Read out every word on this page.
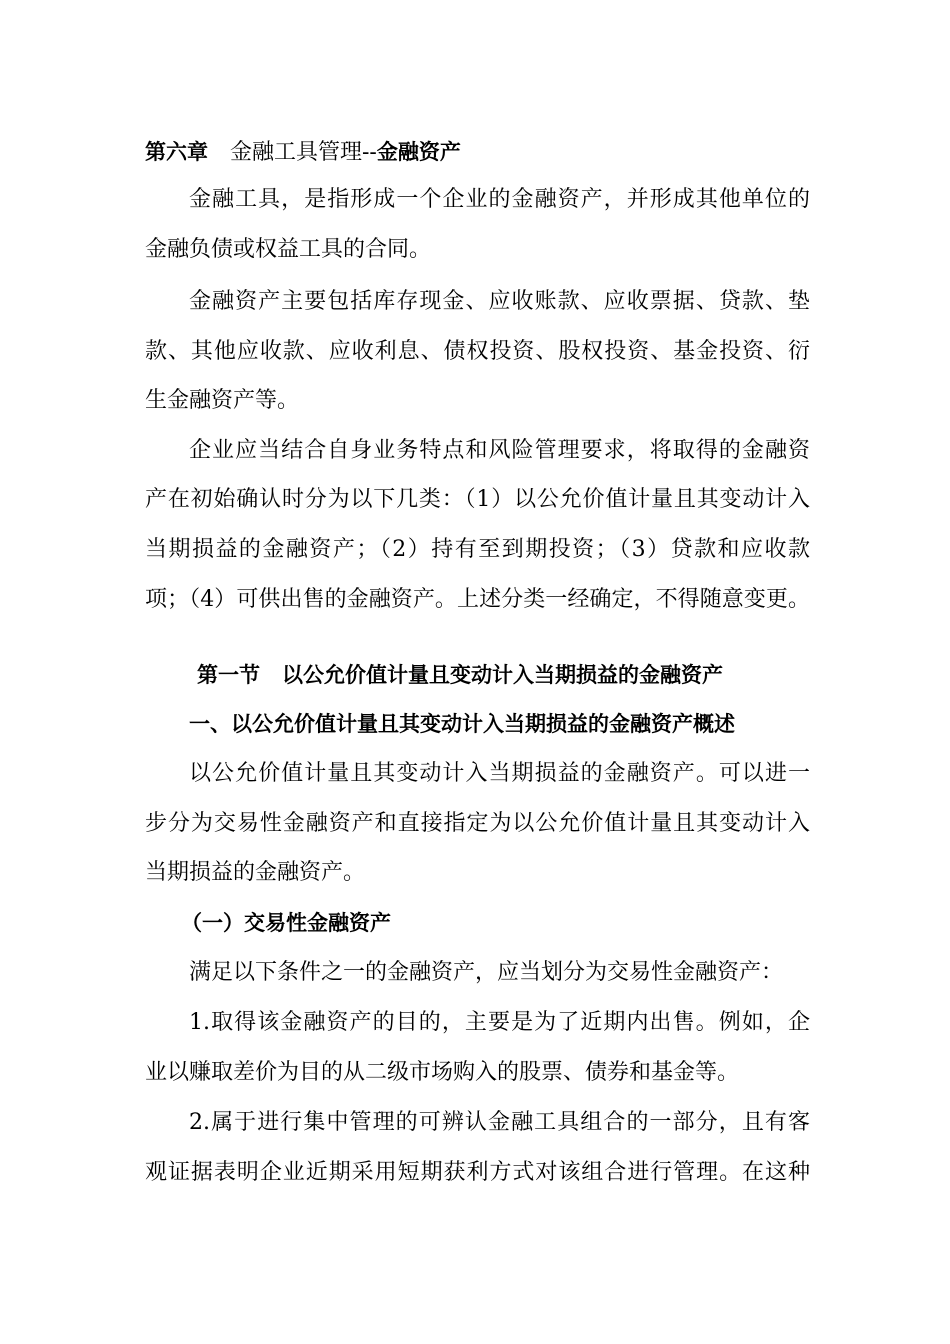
第六章 金融工具管理--金融资产
金融工具，是指形成一个企业的金融资产，并形成其他单位的
金融负债或权益工具的合同。
金融资产主要包括库存现金、应收账款、应收票据、贷款、垫
款、其他应收款、应收利息、债权投资、股权投资、基金投资、衍
生金融资产等。
企业应当结合自身业务特点和风险管理要求，将取得的金融资
产在初始确认时分为以下几类：（1）以公允价值计量且其变动计入
当期损益的金融资产；（2）持有至到期投资；（3）贷款和应收款
项；（4）可供出售的金融资产。上述分类一经确定，不得随意变更。
第一节 以公允价值计量且变动计入当期损益的金融资产
一、以公允价值计量且其变动计入当期损益的金融资产概述
以公允价值计量且其变动计入当期损益的金融资产。可以进一
步分为交易性金融资产和直接指定为以公允价值计量且其变动计入
当期损益的金融资产。
（一）交易性金融资产
满足以下条件之一的金融资产，应当划分为交易性金融资产：
1.取得该金融资产的目的，主要是为了近期内出售。例如，企
业以赚取差价为目的从二级市场购入的股票、债券和基金等。
2.属于进行集中管理的可辨认金融工具组合的一部分，且有客
观证据表明企业近期采用短期获利方式对该组合进行管理。在这种
